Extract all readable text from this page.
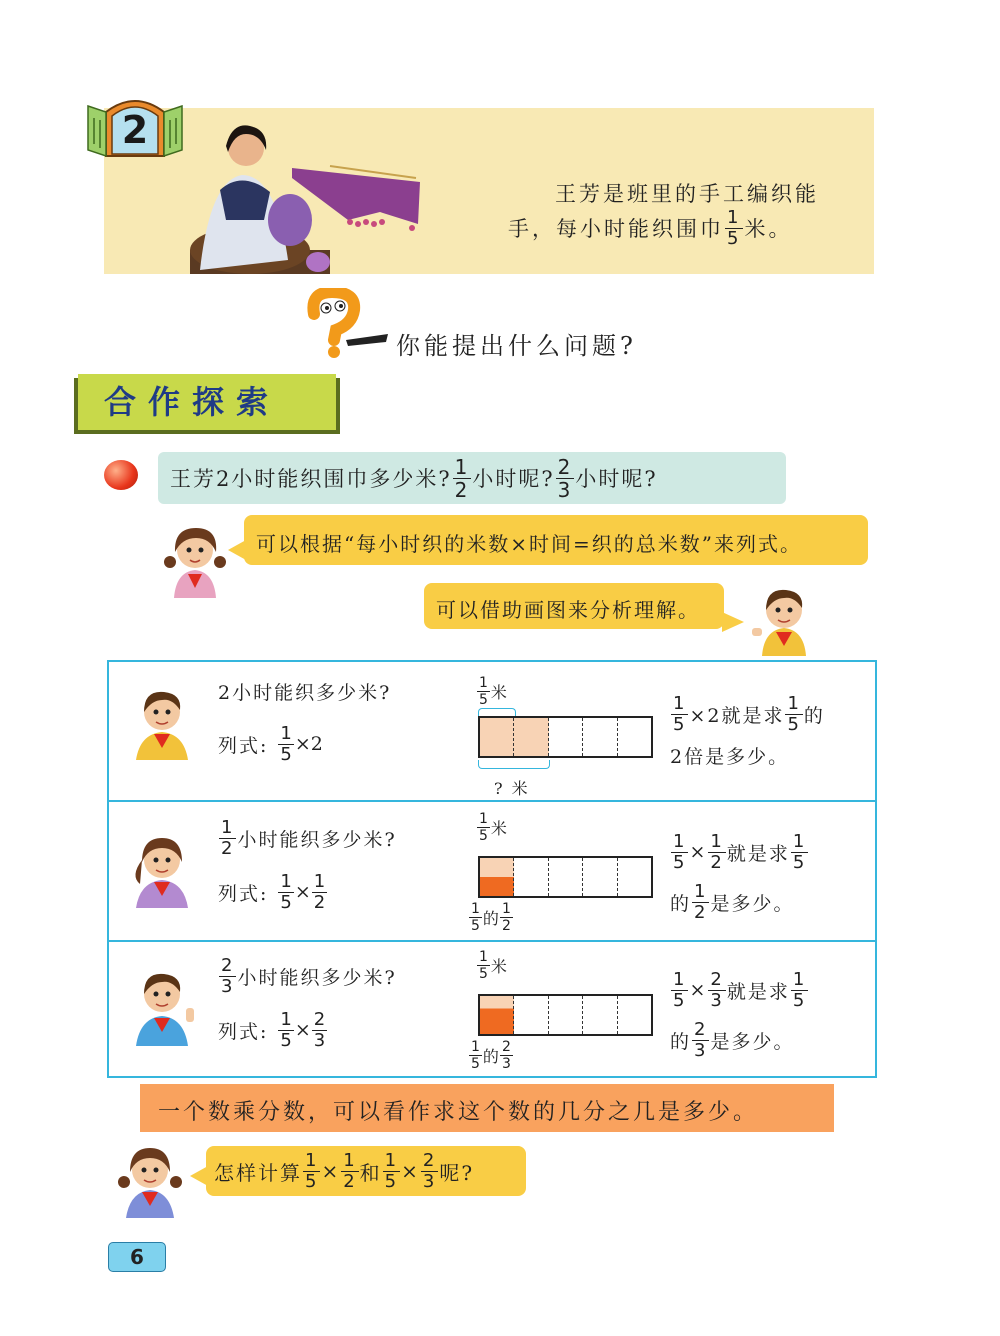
2
王芳是班里的手工编织能
手，每小时能织围巾 $\frac{1}{5}$ 米。
你能提出什么问题?
合作探索
王芳2小时能织围巾多少米? $\frac{1}{2}$ 小时呢? $\frac{2}{3}$ 小时呢?
可以根据“每小时织的米数×时间=织的总米数”来列式。
可以借助画图来分析理解。
2小时能织多少米?
列式: $\frac{1}{5} \times 2$
$\frac{1}{5}$ 米
? 米
$\frac{1}{5} \times 2$就是求 $\frac{1}{5}$ 的
2倍是多少。
$\frac{1}{2}$ 小时能织多少米?
列式: $\frac{1}{5} \times \frac{1}{2}$
$\frac{1}{5}$ 米
$\frac{1}{5}$ 的 $\frac{1}{2}$
$\frac{1}{5} \times \frac{1}{2}$ 就是求 $\frac{1}{5}$
的 $\frac{1}{2}$ 是多少。
$\frac{2}{3}$ 小时能织多少米?
列式: $\frac{1}{5} \times \frac{2}{3}$
$\frac{1}{5}$ 米
$\frac{1}{5}$ 的 $\frac{2}{3}$
$\frac{1}{5} \times \frac{2}{3}$ 就是求 $\frac{1}{5}$
的 $\frac{2}{3}$ 是多少。
一个数乘分数，可以看作求这个数的几分之几是多少。
怎样计算 $\frac{1}{5} \times \frac{1}{2}$ 和 $\frac{1}{5} \times \frac{2}{3}$ 呢?
6
